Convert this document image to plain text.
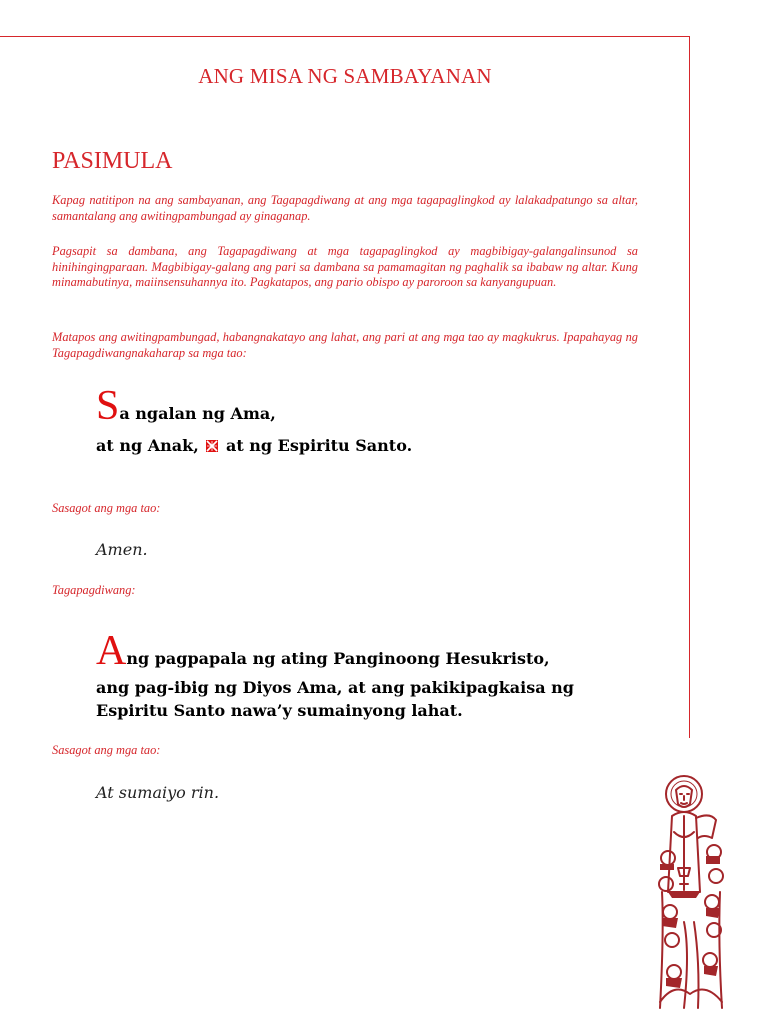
ANG MISA NG SAMBAYANAN
PASIMULA

Kapag natitipon na ang sambayanan, ang Tagapagdiwang at ang mga tagapaglingkod ay lalakadpatungo sa altar, samantalang ang awitingpambungad ay ginaganap.

Pagsapit sa dambana, ang Tagapagdiwang at mga tagapaglingkod ay magbibigay-galangalinsunod sa hinihingingparaan. Magbibigay-galang ang pari sa dambana sa pamamagitan ng paghalik sa ibabaw ng altar. Kung minamabutinya, maiinsensuhannya ito. Pagkatapos, ang pario obispo ay paroroon sa kanyangupuan.

Matapos ang awitingpambungad, habangnakatayo ang lahat, ang pari at ang mga tao ay magkukrus. Ipapahayag ng Tagapagdiwangnakaharap sa mga tao:

Sa ngalan ng Ama,
at ng Anak, at ng Espiritu Santo.

Sasagot ang mga tao:

Amen.

Tagapagdiwang:

Ang pagpapala ng ating Panginoong Hesukristo,
ang pag-ibig ng Diyos Ama, at ang pakikipagkaisa ng
Espiritu Santo nawa’y sumainyong lahat.

Sasagot ang mga tao:

At sumaiyo rin.
